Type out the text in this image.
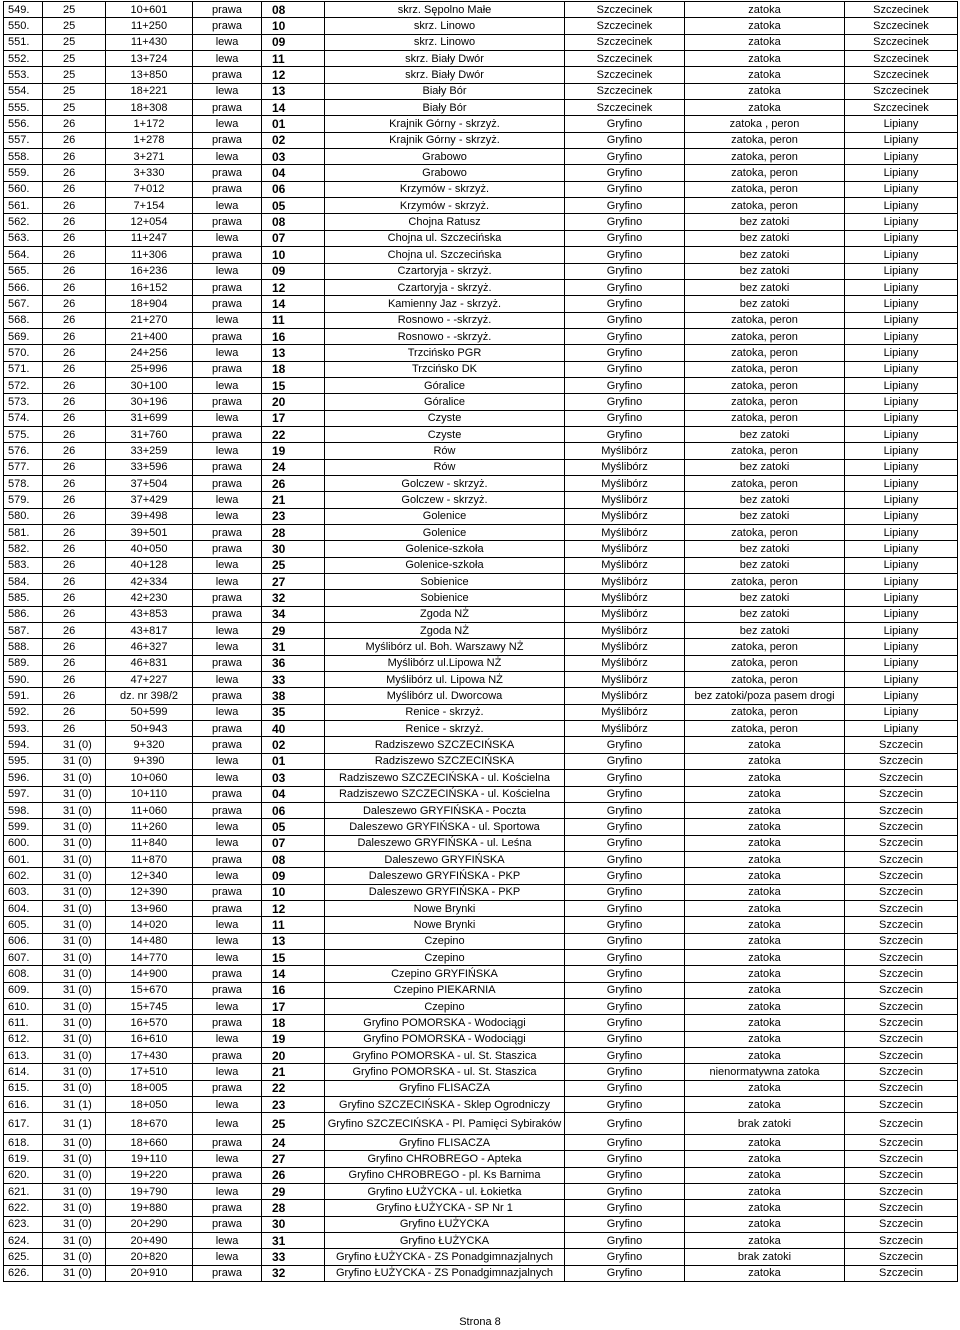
549.	25	10+601	prawa	08	skrz. Sępolno Małe	Szczecinek	zatoka	Szczecinek
550.	25	11+250	prawa	10	skrz. Linowo	Szczecinek	zatoka	Szczecinek
551.	25	11+430	lewa	09	skrz. Linowo	Szczecinek	zatoka	Szczecinek
552.	25	13+724	lewa	11	skrz. Biały Dwór	Szczecinek	zatoka	Szczecinek
553.	25	13+850	prawa	12	skrz. Biały Dwór	Szczecinek	zatoka	Szczecinek
554.	25	18+221	lewa	13	Biały Bór	Szczecinek	zatoka	Szczecinek
555.	25	18+308	prawa	14	Biały Bór	Szczecinek	zatoka	Szczecinek
556.	26	1+172	lewa	01	Krajnik Górny - skrzyż.	Gryfino	zatoka , peron	Lipiany
557.	26	1+278	prawa	02	Krajnik Górny - skrzyż.	Gryfino	zatoka, peron	Lipiany
558.	26	3+271	lewa	03	Grabowo	Gryfino	zatoka, peron	Lipiany
559.	26	3+330	prawa	04	Grabowo	Gryfino	zatoka, peron	Lipiany
560.	26	7+012	prawa	06	Krzymów - skrzyż.	Gryfino	zatoka, peron	Lipiany
561.	26	7+154	lewa	05	Krzymów - skrzyż.	Gryfino	zatoka, peron	Lipiany
562.	26	12+054	prawa	08	Chojna Ratusz	Gryfino	bez zatoki	Lipiany
563.	26	11+247	lewa	07	Chojna ul. Szczecińska	Gryfino	bez zatoki	Lipiany
564.	26	11+306	prawa	10	Chojna ul. Szczecińska	Gryfino	bez zatoki	Lipiany
565.	26	16+236	lewa	09	Czartoryja - skrzyż.	Gryfino	bez zatoki	Lipiany
566.	26	16+152	prawa	12	Czartoryja - skrzyż.	Gryfino	bez zatoki	Lipiany
567.	26	18+904	prawa	14	Kamienny Jaz - skrzyż.	Gryfino	bez zatoki	Lipiany
568.	26	21+270	lewa	11	Rosnowo - -skrzyż.	Gryfino	zatoka, peron	Lipiany
569.	26	21+400	prawa	16	Rosnowo - -skrzyż.	Gryfino	zatoka, peron	Lipiany
570.	26	24+256	lewa	13	Trzcińsko PGR	Gryfino	zatoka, peron	Lipiany
571.	26	25+996	prawa	18	Trzcińsko DK	Gryfino	zatoka, peron	Lipiany
572.	26	30+100	lewa	15	Góralice	Gryfino	zatoka, peron	Lipiany
573.	26	30+196	prawa	20	Góralice	Gryfino	zatoka, peron	Lipiany
574.	26	31+699	lewa	17	Czyste	Gryfino	zatoka, peron	Lipiany
575.	26	31+760	prawa	22	Czyste	Gryfino	bez zatoki	Lipiany
576.	26	33+259	lewa	19	Rów	Myślibórz	zatoka, peron	Lipiany
577.	26	33+596	prawa	24	Rów	Myślibórz	bez zatoki	Lipiany
578.	26	37+504	prawa	26	Golczew - skrzyż.	Myślibórz	zatoka, peron	Lipiany
579.	26	37+429	lewa	21	Golczew - skrzyż.	Myślibórz	bez zatoki	Lipiany
580.	26	39+498	lewa	23	Golenice	Myślibórz	bez zatoki	Lipiany
581.	26	39+501	prawa	28	Golenice	Myślibórz	zatoka, peron	Lipiany
582.	26	40+050	prawa	30	Golenice-szkoła	Myślibórz	bez zatoki	Lipiany
583.	26	40+128	lewa	25	Golenice-szkoła	Myślibórz	bez zatoki	Lipiany
584.	26	42+334	lewa	27	Sobienice	Myślibórz	zatoka, peron	Lipiany
585.	26	42+230	prawa	32	Sobienice	Myślibórz	bez zatoki	Lipiany
586.	26	43+853	prawa	34	Zgoda NŻ	Myślibórz	bez zatoki	Lipiany
587.	26	43+817	lewa	29	Zgoda NŻ	Myślibórz	bez zatoki	Lipiany
588.	26	46+327	lewa	31	Myślibórz ul. Boh. Warszawy NŻ	Myślibórz	zatoka, peron	Lipiany
589.	26	46+831	prawa	36	Myślibórz ul.Lipowa NŻ	Myślibórz	zatoka, peron	Lipiany
590.	26	47+227	lewa	33	Myślibórz ul. Lipowa NŻ	Myślibórz	zatoka, peron	Lipiany
591.	26	dz. nr 398/2	prawa	38	Myślibórz ul. Dworcowa	Myślibórz	bez zatoki/poza pasem drogi	Lipiany
592.	26	50+599	lewa	35	Renice - skrzyż.	Myślibórz	zatoka, peron	Lipiany
593.	26	50+943	prawa	40	Renice - skrzyż.	Myślibórz	zatoka, peron	Lipiany
594.	31 (0)	9+320	prawa	02	Radziszewo SZCZECIŃSKA	Gryfino	zatoka	Szczecin
595.	31 (0)	9+390	lewa	01	Radziszewo SZCZECIŃSKA	Gryfino	zatoka	Szczecin
596.	31 (0)	10+060	lewa	03	Radziszewo SZCZECIŃSKA - ul. Kościelna	Gryfino	zatoka	Szczecin
597.	31 (0)	10+110	prawa	04	Radziszewo SZCZECIŃSKA - ul. Kościelna	Gryfino	zatoka	Szczecin
598.	31 (0)	11+060	prawa	06	Daleszewo GRYFIŃSKA - Poczta	Gryfino	zatoka	Szczecin
599.	31 (0)	11+260	lewa	05	Daleszewo GRYFIŃSKA - ul. Sportowa	Gryfino	zatoka	Szczecin
600.	31 (0)	11+840	lewa	07	Daleszewo GRYFIŃSKA - ul. Leśna	Gryfino	zatoka	Szczecin
601.	31 (0)	11+870	prawa	08	Daleszewo GRYFIŃSKA	Gryfino	zatoka	Szczecin
602.	31 (0)	12+340	lewa	09	Daleszewo GRYFIŃSKA - PKP	Gryfino	zatoka	Szczecin
603.	31 (0)	12+390	prawa	10	Daleszewo GRYFIŃSKA - PKP	Gryfino	zatoka	Szczecin
604.	31 (0)	13+960	prawa	12	Nowe Brynki	Gryfino	zatoka	Szczecin
605.	31 (0)	14+020	lewa	11	Nowe Brynki	Gryfino	zatoka	Szczecin
606.	31 (0)	14+480	lewa	13	Czepino	Gryfino	zatoka	Szczecin
607.	31 (0)	14+770	lewa	15	Czepino	Gryfino	zatoka	Szczecin
608.	31 (0)	14+900	prawa	14	Czepino GRYFIŃSKA	Gryfino	zatoka	Szczecin
609.	31 (0)	15+670	prawa	16	Czepino PIEKARNIA	Gryfino	zatoka	Szczecin
610.	31 (0)	15+745	lewa	17	Czepino	Gryfino	zatoka	Szczecin
611.	31 (0)	16+570	prawa	18	Gryfino POMORSKA - Wodociągi	Gryfino	zatoka	Szczecin
612.	31 (0)	16+610	lewa	19	Gryfino POMORSKA - Wodociągi	Gryfino	zatoka	Szczecin
613.	31 (0)	17+430	prawa	20	Gryfino POMORSKA - ul. St. Staszica	Gryfino	zatoka	Szczecin
614.	31 (0)	17+510	lewa	21	Gryfino POMORSKA - ul. St. Staszica	Gryfino	nienormatywna zatoka	Szczecin
615.	31 (0)	18+005	prawa	22	Gryfino FLISACZA	Gryfino	zatoka	Szczecin
616.	31 (1)	18+050	lewa	23	Gryfino SZCZECIŃSKA - Sklep Ogrodniczy	Gryfino	zatoka	Szczecin
617.	31 (1)	18+670	lewa	25	Gryfino SZCZECIŃSKA - Pl. Pamięci Sybiraków	Gryfino	brak zatoki	Szczecin
618.	31 (0)	18+660	prawa	24	Gryfino FLISACZA	Gryfino	zatoka	Szczecin
619.	31 (0)	19+110	lewa	27	Gryfino CHROBREGO - Apteka	Gryfino	zatoka	Szczecin
620.	31 (0)	19+220	prawa	26	Gryfino CHROBREGO - pl. Ks Barnima	Gryfino	zatoka	Szczecin
621.	31 (0)	19+790	lewa	29	Gryfino ŁUŻYCKA - ul. Łokietka	Gryfino	zatoka	Szczecin
622.	31 (0)	19+880	prawa	28	Gryfino ŁUŻYCKA - SP Nr 1	Gryfino	zatoka	Szczecin
623.	31 (0)	20+290	prawa	30	Gryfino ŁUŻYCKA	Gryfino	zatoka	Szczecin
624.	31 (0)	20+490	lewa	31	Gryfino ŁUŻYCKA	Gryfino	zatoka	Szczecin
625.	31 (0)	20+820	lewa	33	Gryfino ŁUŻYCKA - ZS Ponadgimnazjalnych	Gryfino	brak zatoki	Szczecin
626.	31 (0)	20+910	prawa	32	Gryfino ŁUŻYCKA - ZS Ponadgimnazjalnych	Gryfino	zatoka	Szczecin
Strona 8
